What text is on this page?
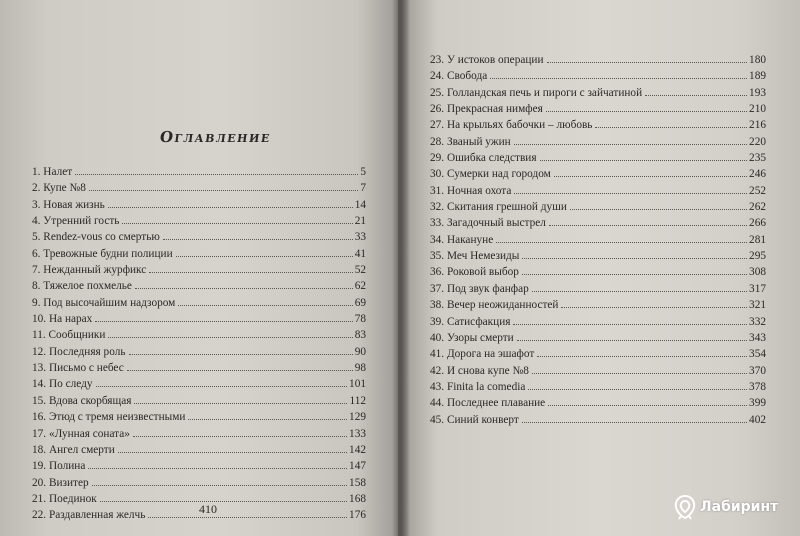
Оглавление
1. Налет	5
2. Купе №8	7
3. Новая жизнь	14
4. Утренний гость	21
5. Rendez-vous со смертью	33
6. Тревожные будни полиции	41
7. Нежданный журфикс	52
8. Тяжелое похмелье	62
9. Под высочайшим надзором	69
10. На нарах	78
11. Сообщники	83
12. Последняя роль	90
13. Письмо с небес	98
14. По следу	101
15. Вдова скорбящая	112
16. Этюд с тремя неизвестными	129
17. «Лунная соната»	133
18. Ангел смерти	142
19. Полина	147
20. Визитер	158
21. Поединок	168
22. Раздавленная желчь	176
410
23. У истоков операции	180
24. Свобода	189
25. Голландская печь и пироги с зайчатиной	193
26. Прекрасная нимфея	210
27. На крыльях бабочки – любовь	216
28. Званый ужин	220
29. Ошибка следствия	235
30. Сумерки над городом	246
31. Ночная охота	252
32. Скитания грешной души	262
33. Загадочный выстрел	266
34. Накануне	281
35. Меч Немезиды	295
36. Роковой выбор	308
37. Под звук фанфар	317
38. Вечер неожиданностей	321
39. Сатисфакция	332
40. Узоры смерти	343
41. Дорога на эшафот	354
42. И снова купе №8	370
43. Finita la comedia	378
44. Последнее плавание	399
45. Синий конверт	402
Лабиринт
